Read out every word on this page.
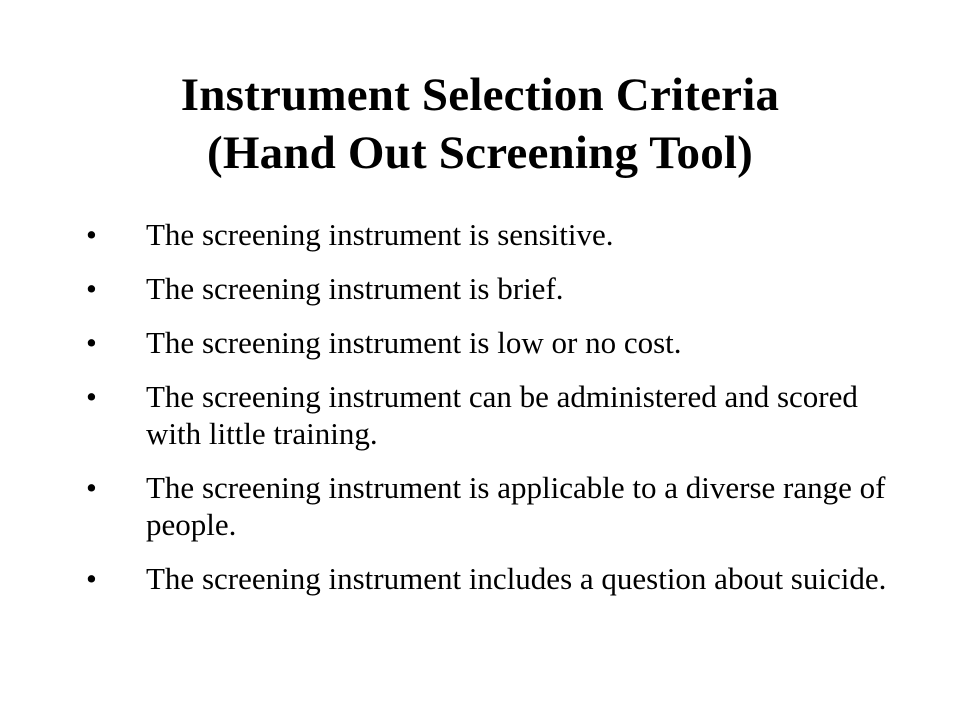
Instrument Selection Criteria
(Hand Out Screening Tool)
• The screening instrument is sensitive.
• The screening instrument is brief.
• The screening instrument is low or no cost.
• The screening instrument can be administered and scored with little training.
• The screening instrument is applicable to a diverse range of people.
• The screening instrument includes a question about suicide.
